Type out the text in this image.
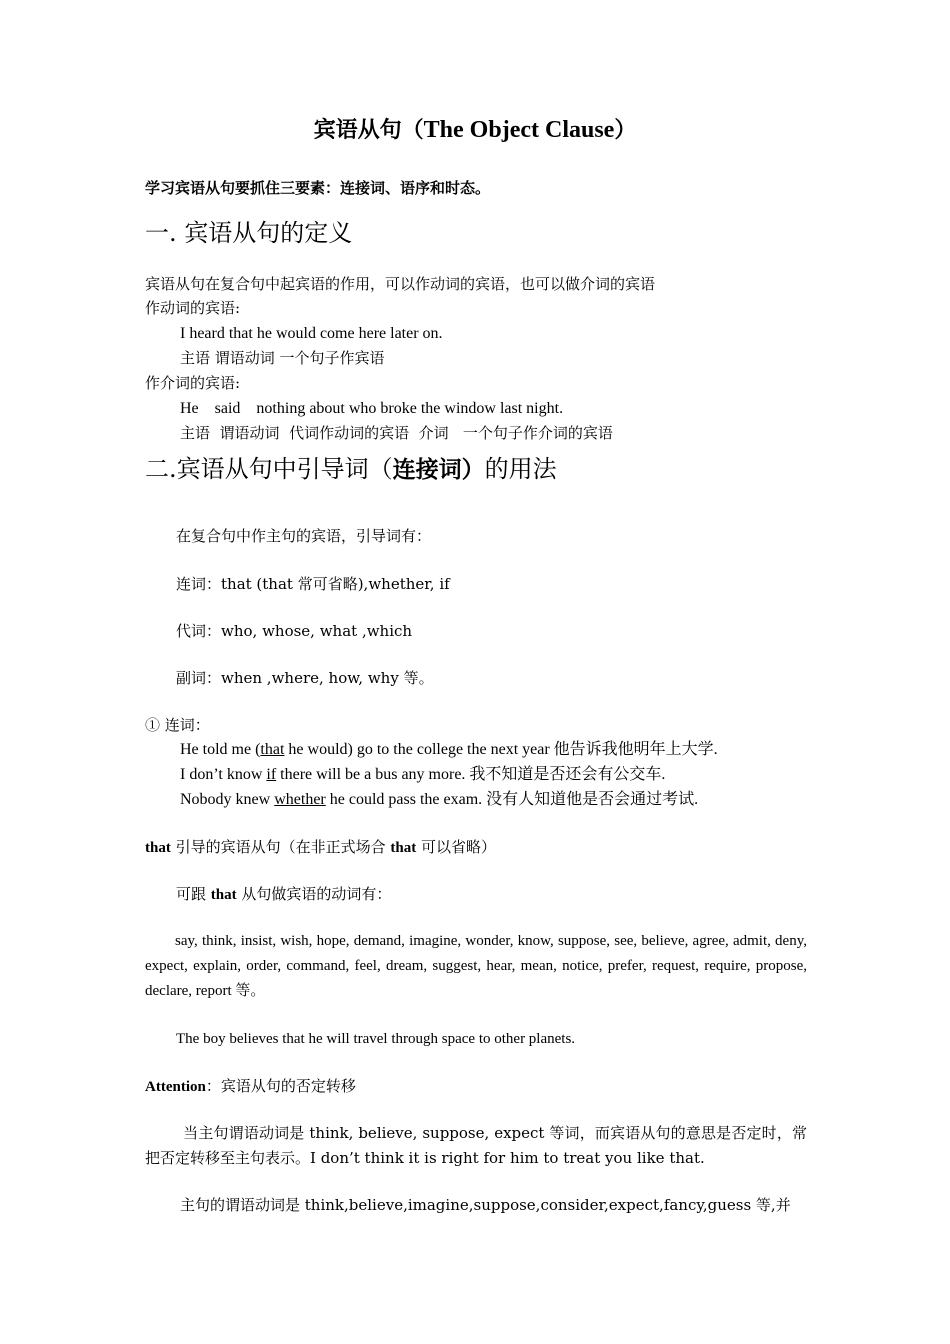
宾语从句（The Object Clause）
学习宾语从句要抓住三要素：连接词、语序和时态。
一. 宾语从句的定义
宾语从句在复合句中起宾语的作用，可以作动词的宾语，也可以做介词的宾语
作动词的宾语:
I heard that he would come here later on.
主语 谓语动词 一个句子作宾语
作介词的宾语:
He    said    nothing about who broke the window last night.
主语  谓语动词  代词作动词的宾语  介词   一个句子作介词的宾语
二.宾语从句中引导词（连接词）的用法
在复合句中作主句的宾语，引导词有：
连词：that (that 常可省略),whether, if
代词：who, whose, what ,which
副词：when ,where, how, why 等。
① 连词：
He told me (that he would) go to the college the next year 他告诉我他明年上大学.
I don’t know if there will be a bus any more. 我不知道是否还会有公交车.
Nobody knew whether he could pass the exam. 没有人知道他是否会通过考试.
that 引导的宾语从句（在非正式场合 that 可以省略）
可跟 that 从句做宾语的动词有：
say, think, insist, wish, hope, demand, imagine, wonder, know, suppose, see, believe, agree, admit, deny, expect, explain, order, command, feel, dream, suggest, hear, mean, notice, prefer, request, require, propose, declare, report 等。
The boy believes that he will travel through space to other planets.
Attention：宾语从句的否定转移
当主句谓语动词是 think, believe, suppose, expect 等词，而宾语从句的意思是否定时，常把否定转移至主句表示。I don’t think it is right for him to treat you like that.
主句的谓语动词是 think,believe,imagine,suppose,consider,expect,fancy,guess 等,并
